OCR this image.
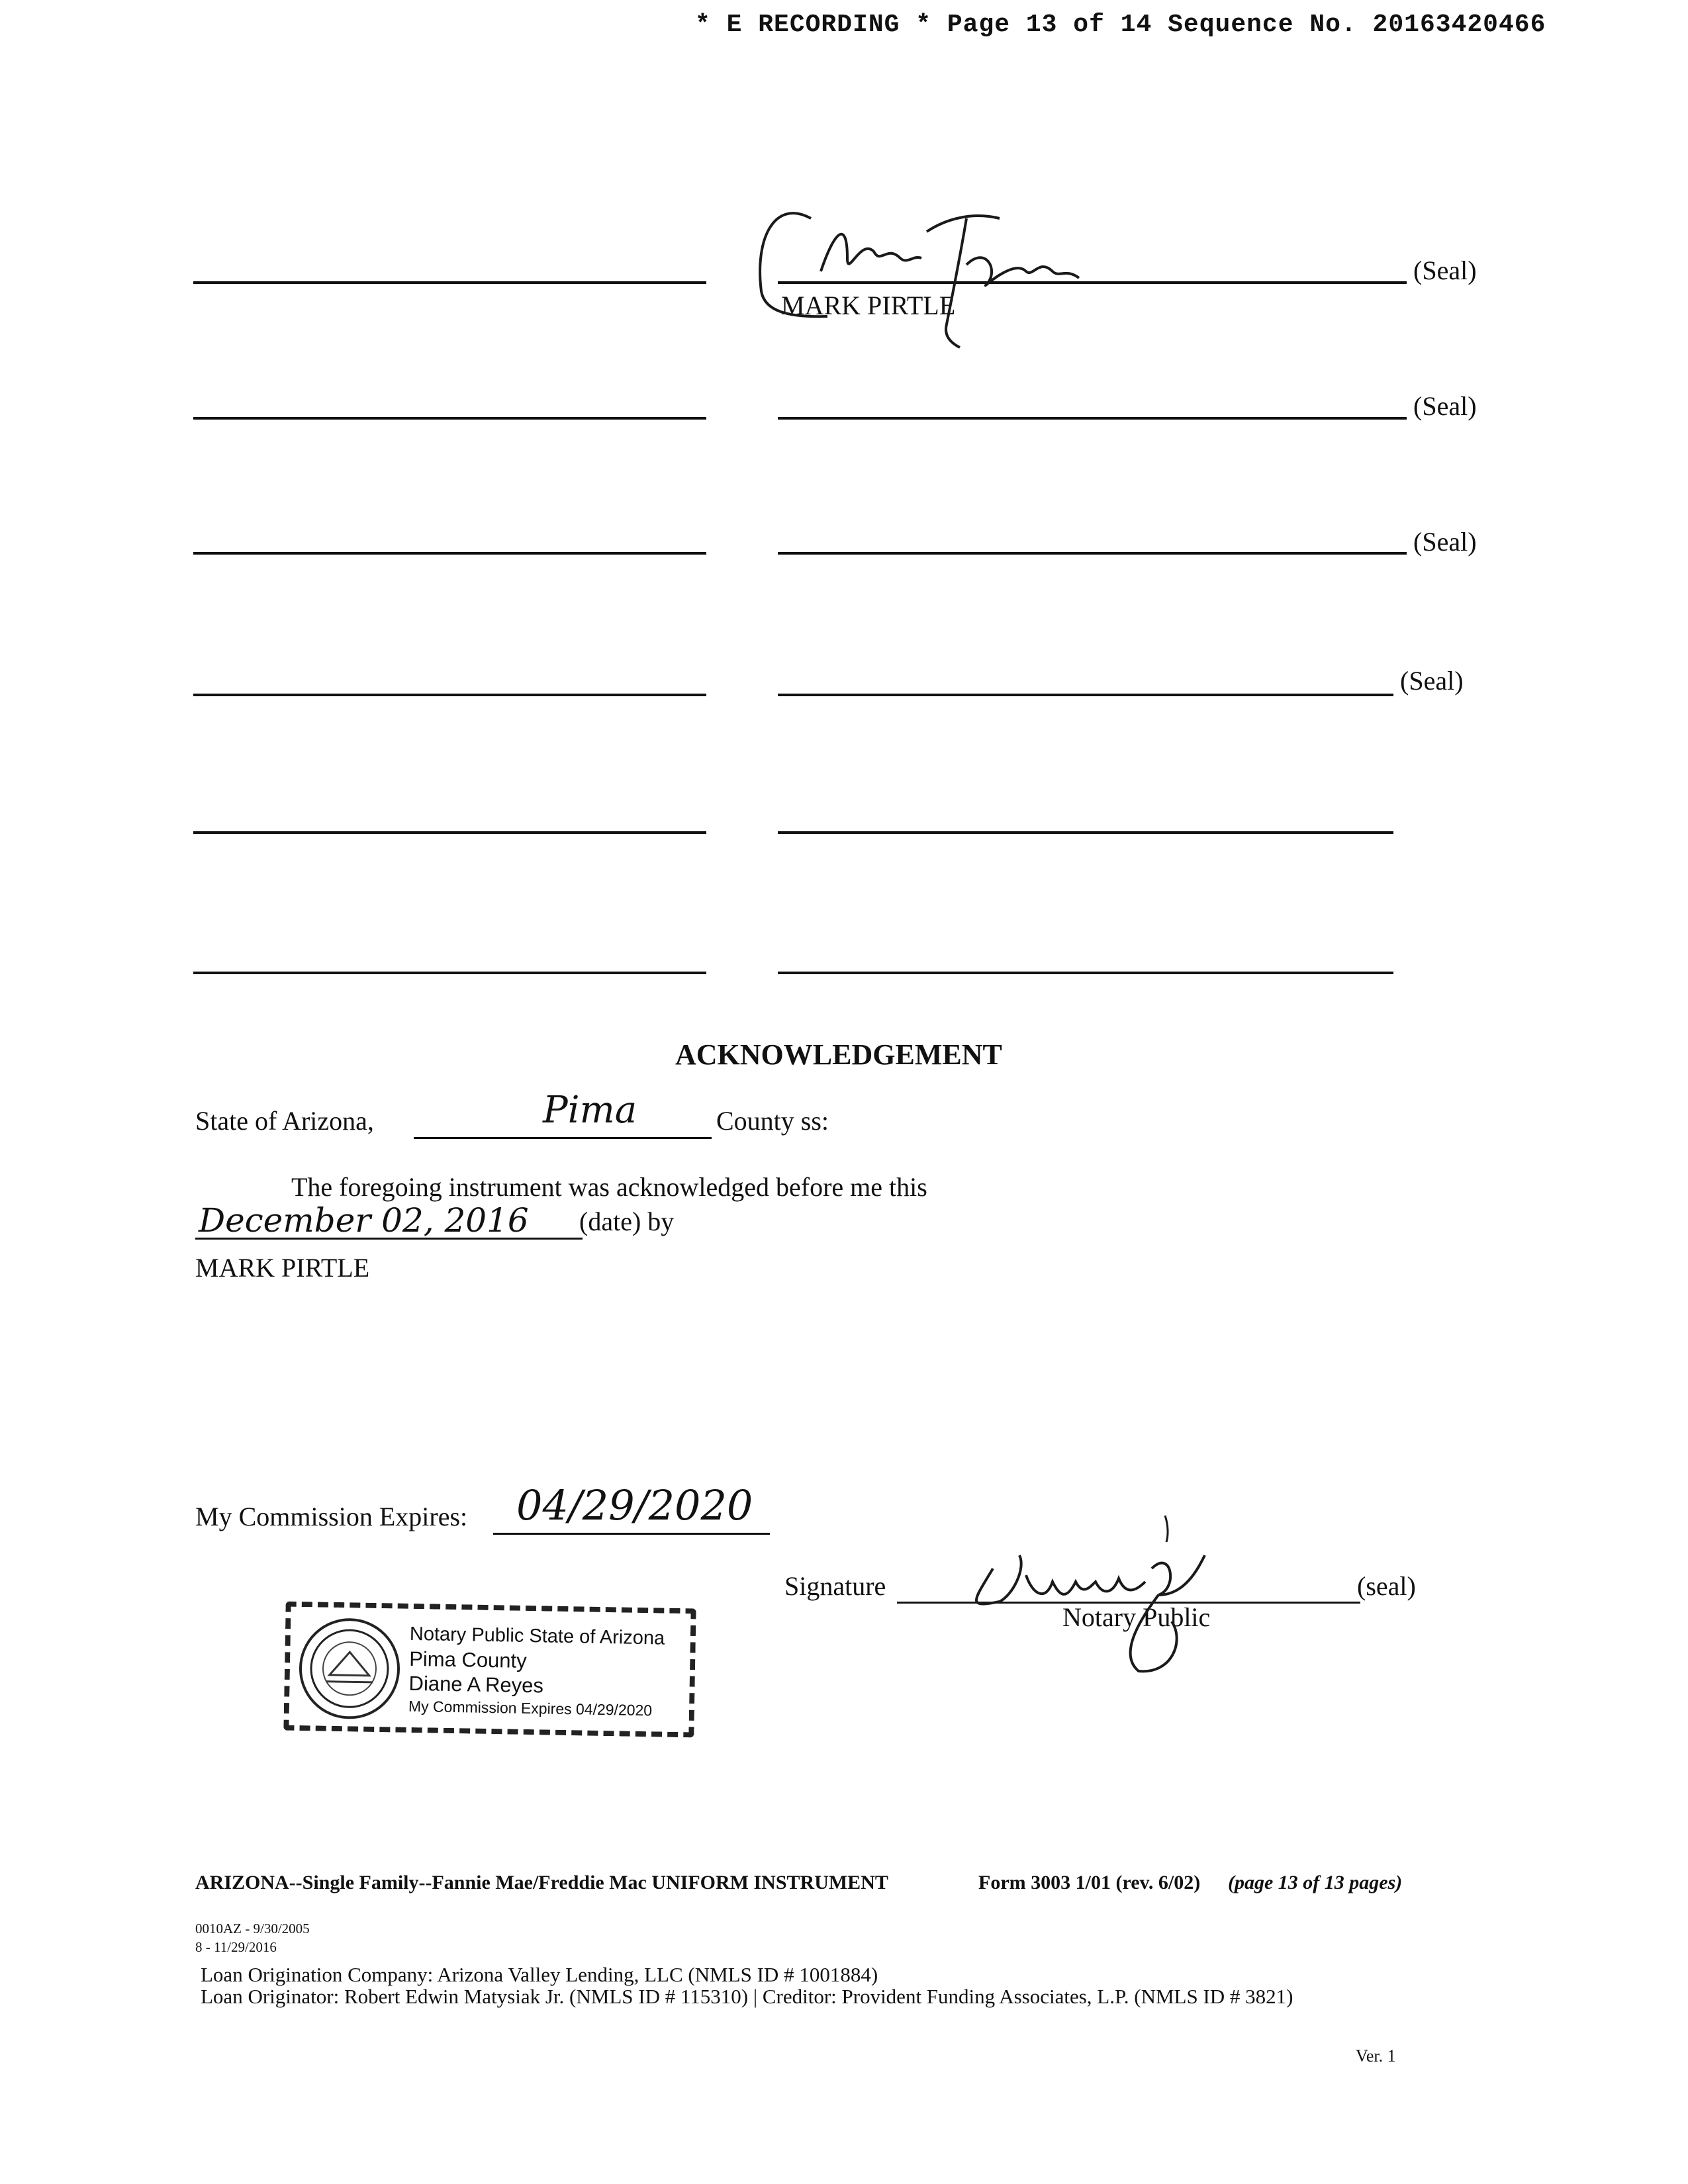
* E RECORDING * Page 13 of 14 Sequence No. 20163420466
(Seal)
(Seal)
(Seal)
(Seal)
MARK PIRTLE
ACKNOWLEDGEMENT
State of Arizona,	Pima	County ss:
The foregoing instrument was acknowledged before me this
December 02, 2016 (date) by
MARK PIRTLE
My Commission Expires: 04/29/2020
Signature	(seal)
Notary Public
Notary Public State of Arizona
Pima County
Diane A Reyes
My Commission Expires 04/29/2020
ARIZONA--Single Family--Fannie Mae/Freddie Mac UNIFORM INSTRUMENT	Form 3003 1/01 (rev. 6/02) (page 13 of 13 pages)
0010AZ - 9/30/2005
8 - 11/29/2016
Loan Origination Company: Arizona Valley Lending, LLC (NMLS ID # 1001884)
Loan Originator: Robert Edwin Matysiak Jr. (NMLS ID # 115310) | Creditor: Provident Funding Associates, L.P. (NMLS ID # 3821)
Ver. 1
